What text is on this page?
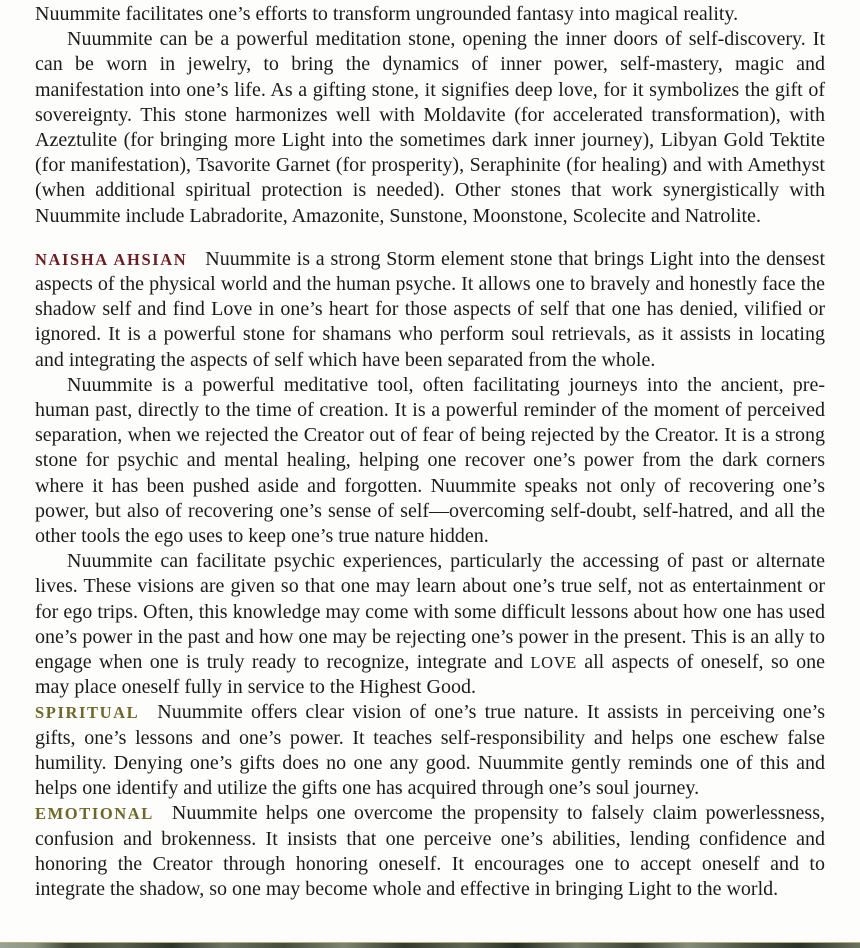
Nuummite facilitates one’s efforts to transform ungrounded fantasy into magical reality.

Nuummite can be a powerful meditation stone, opening the inner doors of self-discovery. It can be worn in jewelry, to bring the dynamics of inner power, self-mastery, magic and manifestation into one’s life. As a gifting stone, it signifies deep love, for it symbolizes the gift of sovereignty. This stone harmonizes well with Moldavite (for accelerated transformation), with Azeztulite (for bringing more Light into the sometimes dark inner journey), Libyan Gold Tektite (for manifestation), Tsavorite Garnet (for prosperity), Seraphinite (for healing) and with Amethyst (when additional spiritual protection is needed). Other stones that work synergistically with Nuummite include Labradorite, Amazonite, Sunstone, Moonstone, Scolecite and Natrolite.

NAISHA AHSIAN Nuummite is a strong Storm element stone that brings Light into the densest aspects of the physical world and the human psyche. It allows one to bravely and honestly face the shadow self and find Love in one’s heart for those aspects of self that one has denied, vilified or ignored. It is a powerful stone for shamans who perform soul retrievals, as it assists in locating and integrating the aspects of self which have been separated from the whole.

Nuummite is a powerful meditative tool, often facilitating journeys into the ancient, pre-human past, directly to the time of creation. It is a powerful reminder of the moment of perceived separation, when we rejected the Creator out of fear of being rejected by the Creator. It is a strong stone for psychic and mental healing, helping one recover one’s power from the dark corners where it has been pushed aside and forgotten. Nuummite speaks not only of recovering one’s power, but also of recovering one’s sense of self—overcoming self-doubt, self-hatred, and all the other tools the ego uses to keep one’s true nature hidden.

Nuummite can facilitate psychic experiences, particularly the accessing of past or alternate lives. These visions are given so that one may learn about one’s true self, not as entertainment or for ego trips. Often, this knowledge may come with some difficult lessons about how one has used one’s power in the past and how one may be rejecting one’s power in the present. This is an ally to engage when one is truly ready to recognize, integrate and LOVE all aspects of oneself, so one may place oneself fully in service to the Highest Good.

SPIRITUAL Nuummite offers clear vision of one’s true nature. It assists in perceiving one’s gifts, one’s lessons and one’s power. It teaches self-responsibility and helps one eschew false humility. Denying one’s gifts does no one any good. Nuummite gently reminds one of this and helps one identify and utilize the gifts one has acquired through one’s soul journey.

EMOTIONAL Nuummite helps one overcome the propensity to falsely claim powerlessness, confusion and brokenness. It insists that one perceive one’s abilities, lending confidence and honoring the Creator through honoring oneself. It encourages one to accept oneself and to integrate the shadow, so one may become whole and effective in bringing Light to the world.
